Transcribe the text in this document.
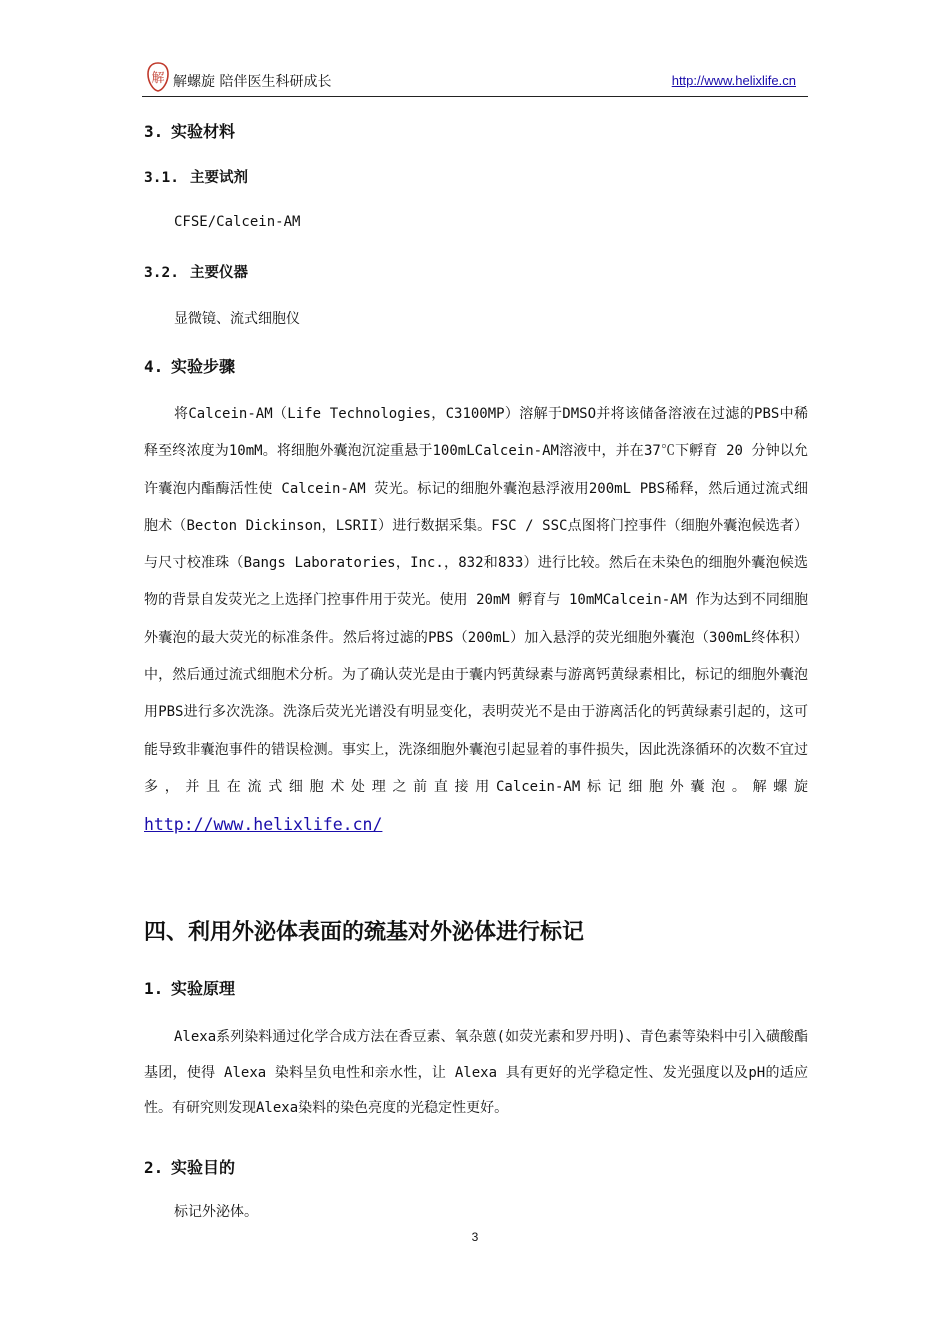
解 解螺旋 陪伴医生科研成长	http://www.helixlife.cn
3. 实验材料
3.1. 主要试剂
CFSE/Calcein-AM
3.2. 主要仪器
显微镜、流式细胞仪
4. 实验步骤
将Calcein-AM（Life Technologies，C3100MP）溶解于DMSO并将该储备溶液在过滤的PBS中稀释至终浓度为10mM。将细胞外囊泡沉淀重悬于100mLCalcein-AM溶液中，并在37℃下孵育 20 分钟以允许囊泡内酯酶活性使 Calcein-AM 荧光。标记的细胞外囊泡悬浮液用200mL PBS稀释，然后通过流式细胞术（Becton Dickinson，LSRII）进行数据采集。FSC / SSC点图将门控事件（细胞外囊泡候选者）与尺寸校准珠（Bangs Laboratories，Inc.，832和833）进行比较。然后在未染色的细胞外囊泡候选物的背景自发荧光之上选择门控事件用于荧光。使用 20mM 孵育与 10mMCalcein-AM 作为达到不同细胞外囊泡的最大荧光的标准条件。然后将过滤的PBS（200mL）加入悬浮的荧光细胞外囊泡（300mL终体积）中，然后通过流式细胞术分析。为了确认荧光是由于囊内钙黄绿素与游离钙黄绿素相比，标记的细胞外囊泡用PBS进行多次洗涤。洗涤后荧光光谱没有明显变化，表明荧光不是由于游离活化的钙黄绿素引起的，这可能导致非囊泡事件的错误检测。事实上，洗涤细胞外囊泡引起显着的事件损失，因此洗涤循环的次数不宜过多，并且在流式细胞术处理之前直接用Calcein-AM标记细胞外囊泡。解螺旋 http://www.helixlife.cn/
四、利用外泌体表面的巯基对外泌体进行标记
1. 实验原理
Alexa系列染料通过化学合成方法在香豆素、氧杂蒽(如荧光素和罗丹明)、青色素等染料中引入磺酸酯基团，使得 Alexa 染料呈负电性和亲水性，让 Alexa 具有更好的光学稳定性、发光强度以及pH的适应性。有研究则发现Alexa染料的染色亮度的光稳定性更好。
2. 实验目的
标记外泌体。
3
